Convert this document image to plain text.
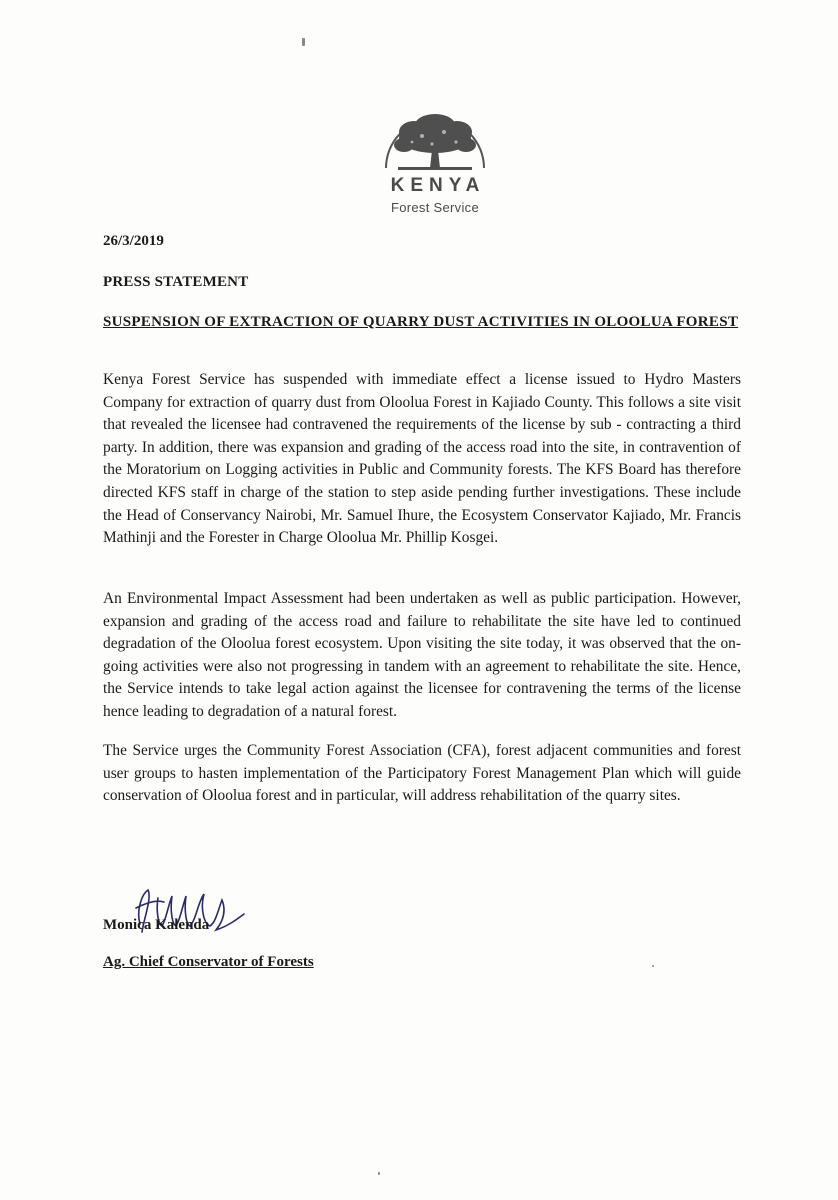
KENYA
Forest Service
26/3/2019
PRESS STATEMENT
SUSPENSION OF EXTRACTION OF QUARRY DUST ACTIVITIES IN OLOOLUA FOREST
Kenya Forest Service has suspended with immediate effect a license issued to Hydro Masters Company for extraction of quarry dust from Oloolua Forest in Kajiado County. This follows a site visit that revealed the licensee had contravened the requirements of the license by sub - contracting a third party. In addition, there was expansion and grading of the access road into the site, in contravention of the Moratorium on Logging activities in Public and Community forests. The KFS Board has therefore directed KFS staff in charge of the station to step aside pending further investigations. These include the Head of Conservancy Nairobi, Mr. Samuel Ihure, the Ecosystem Conservator Kajiado, Mr. Francis Mathinji and the Forester in Charge Oloolua Mr. Phillip Kosgei.
An Environmental Impact Assessment had been undertaken as well as public participation. However, expansion and grading of the access road and failure to rehabilitate the site have led to continued degradation of the Oloolua forest ecosystem. Upon visiting the site today, it was observed that the on-going activities were also not progressing in tandem with an agreement to rehabilitate the site. Hence, the Service intends to take legal action against the licensee for contravening the terms of the license hence leading to degradation of a natural forest.
The Service urges the Community Forest Association (CFA), forest adjacent communities and forest user groups to hasten implementation of the Participatory Forest Management Plan which will guide conservation of Oloolua forest and in particular, will address rehabilitation of the quarry sites.
Monica Kalenda
Ag. Chief Conservator of Forests
